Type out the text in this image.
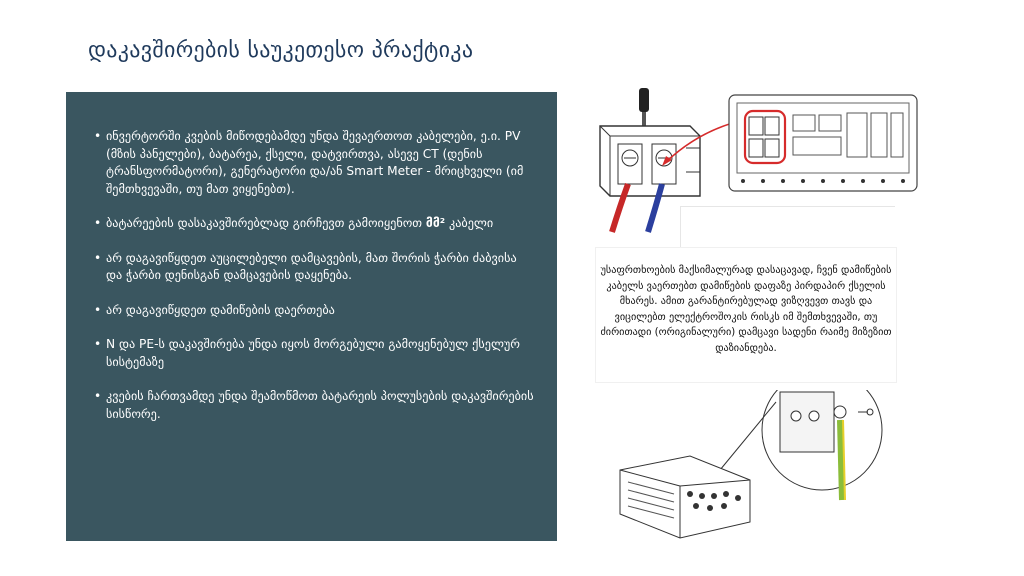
დაკავშირების საუკეთესო პრაქტიკა
• ინვერტორში კვების მიწოდებამდე უნდა შევაერთოთ კაბელები, ე.ი. PV (მზის პანელები), ბატარეა, ქსელი, დატვირთვა, ასევე CT (დენის ტრანსფორმატორი), გენერატორი და/ან Smart Meter - მრიცხველი (იმ შემთხვევაში, თუ მათ ვიყენებთ).
• ბატარეების დასაკავშირებლად გირჩევთ გამოიყენოთ მმ² კაბელი
• არ დაგავიწყდეთ აუცილებელი დამცავების, მათ შორის ჭარბი ძაბვისა და ჭარბი დენისგან დამცავების დაყენება.
• არ დაგავიწყდეთ დამიწების დაერთება
• N და PE-ს დაკავშირება უნდა იყოს მორგებული გამოყენებულ ქსელურ სისტემაზე
• კვების ჩართვამდე უნდა შეამოწმოთ ბატარეის პოლუსების დაკავშირების სისწორე.
უსაფრთხოების მაქსიმალურად დასაცავად, ჩვენ დამიწების კაბელს ვაერთებთ დამიწების დაფაზე პირდაპირ ქსელის მხარეს. ამით გარანტირებულად ვიზღვევთ თავს და ვიცილებთ ელექტროშოკის რისკს იმ შემთხვევაში, თუ ძირითადი (ორიგინალური) დამცავი სადენი რაიმე მიზეზით დაზიანდება.
